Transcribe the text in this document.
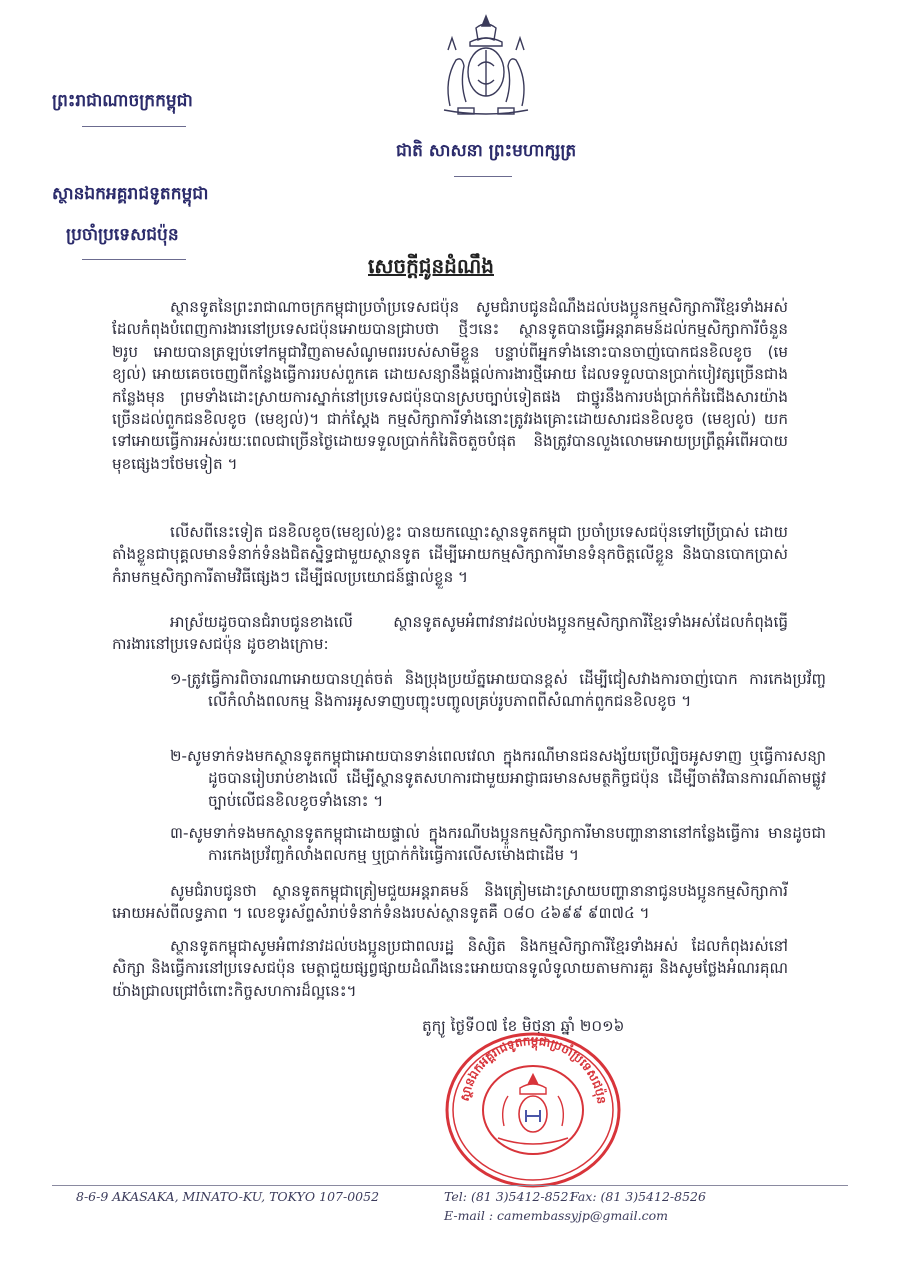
ព្រះរាជាណាចក្រកម្ពុជា
ស្ថានឯកអគ្គរាជទូតកម្ពុជា
ប្រចាំប្រទេសជប៉ុន
ជាតិ សាសនា ព្រះមហាក្សត្រ
សេចក្តីជូនដំណឹង
ស្ថានទូតនៃព្រះរាជាណាចក្រកម្ពុជាប្រចាំប្រទេសជប៉ុន សូមជំរាបជូនដំណឹងដល់បងប្អូនកម្មសិក្សាការីខ្មែរទាំងអស់ ដែលកំពុងបំពេញការងារនៅប្រទេសជប៉ុនអោយបានជ្រាបថា ថ្មីៗនេះ ស្ថានទូតបានធ្វើអន្តរាគមន៍ដល់កម្មសិក្សាការីចំនួន ២រូប អោយបានត្រឡប់ទៅកម្ពុជាវិញតាមសំណូមពររបស់សាមីខ្លួន បន្ទាប់ពីអ្នកទាំងនោះបានចាញ់បោកជនខិលខូច (មេខ្យល់) អោយគេចចេញពីកន្លែងធ្វើការរបស់ពួកគេ ដោយសន្យានឹងផ្តល់ការងារថ្មីអោយ ដែលទទួលបានប្រាក់បៀវត្សច្រើនជាងកន្លែងមុន ព្រមទាំងដោះស្រាយការស្នាក់នៅប្រទេសជប៉ុនបានស្របច្បាប់ទៀតផង ជាថ្នូរនឹងការបង់ប្រាក់កំរៃជើងសារយ៉ាងច្រើនដល់ពួកជនខិលខូច (មេខ្យល់)។ ជាក់ស្តែង កម្មសិក្សាការីទាំងនោះត្រូវរងគ្រោះដោយសារជនខិលខូច (មេខ្យល់) យកទៅអោយធ្វើការអស់រយៈពេលជាច្រើនថ្ងៃដោយទទួលប្រាក់កំរៃតិចតួចបំផុត និងត្រូវបានលួងលោមអោយប្រព្រឹត្តអំពើអបាយមុខផ្សេងៗថែមទៀត ។
លើសពីនេះទៀត ជនខិលខូច(មេខ្យល់)ខ្លះ បានយកឈ្មោះស្ថានទូតកម្ពុជា ប្រចាំប្រទេសជប៉ុនទៅប្រើប្រាស់ ដោយតាំងខ្លួនជាបុគ្គលមានទំនាក់ទំនងជិតស្និទ្ធជាមួយស្ថានទូត ដើម្បីអោយកម្មសិក្សាការីមានទំនុកចិត្តលើខ្លួន និងបានបោកប្រាស់ កំរាមកម្មសិក្សាការីតាមវិធីផ្សេងៗ ដើម្បីផលប្រយោជន៍ផ្ទាល់ខ្លួន ។
អាស្រ័យដូចបានជំរាបជូនខាងលើ ស្ថានទូតសូមអំពាវនាវដល់បងប្អូនកម្មសិក្សាការីខ្មែរទាំងអស់ដែលកំពុងធ្វើការងារនៅប្រទេសជប៉ុន ដូចខាងក្រោម:
១-ត្រូវធ្វើការពិចារណាអោយបានហ្មត់ចត់ និងប្រុងប្រយ័ត្នអោយបានខ្ពស់ ដើម្បីជៀសវាងការចាញ់បោក ការកេងប្រវ័ញ្ចលើកំលាំងពលកម្ម និងការអូសទាញបញ្ចុះបញ្ចូលគ្រប់រូបភាពពីសំណាក់ពួកជនខិលខូច ។
២-សូមទាក់ទងមកស្ថានទូតកម្ពុជាអោយបានទាន់ពេលវេលា ក្នុងករណីមានជនសង្ស័យប្រើល្បិចអូសទាញ ឬធ្វើការសន្យាដូចបានរៀបរាប់ខាងលើ ដើម្បីស្ថានទូតសហការជាមួយអាជ្ញាធរមានសមត្ថកិច្ចជប៉ុន ដើម្បីចាត់វិធានការណ៍តាមផ្លូវច្បាប់លើជនខិលខូចទាំងនោះ ។
៣-សូមទាក់ទងមកស្ថានទូតកម្ពុជាដោយផ្ទាល់ ក្នុងករណីបងប្អូនកម្មសិក្សាការីមានបញ្ហានានានៅកន្លែងធ្វើការ មានដូចជាការកេងប្រវ័ញ្ចកំលាំងពលកម្ម ឬប្រាក់កំរៃធ្វើការលើសម៉ោងជាដើម ។
សូមជំរាបជូនថា ស្ថានទូតកម្ពុជាត្រៀមជួយអន្តរាគមន៍ និងត្រៀមដោះស្រាយបញ្ហានានាជូនបងប្អូនកម្មសិក្សាការីអោយអស់ពីលទ្ធភាព ។ លេខទូរស័ព្ទសំរាប់ទំនាក់ទំនងរបស់ស្ថានទូតគឺ ០៨០ ៤៦៩៩ ៩៣៧៤ ។
ស្ថានទូតកម្ពុជាសូមអំពាវនាវដល់បងប្អូនប្រជាពលរដ្ឋ និស្សិត និងកម្មសិក្សាការីខ្មែរទាំងអស់ ដែលកំពុងរស់នៅ សិក្សា និងធ្វើការនៅប្រទេសជប៉ុន មេត្តាជួយផ្សព្វផ្សាយដំណឹងនេះអោយបានទូលំទូលាយតាមការគួរ និងសូមថ្លែងអំណរគុណយ៉ាងជ្រាលជ្រៅចំពោះកិច្ចសហការដ៏ល្អនេះ។
តូក្យូ ថ្ងៃទី០៧ ខែ មិថុនា ឆ្នាំ ២០១៦
ស្ថានឯកអគ្គរាជទូតកម្ពុជាប្រចាំប្រទេសជប៉ុន
8-6-9 AKASAKA, MINATO-KU, TOKYO 107-0052	Tel: (81 3)5412-8521
Fax: (81 3)5412-8526
E-mail : camembassyjp@gmail.com
